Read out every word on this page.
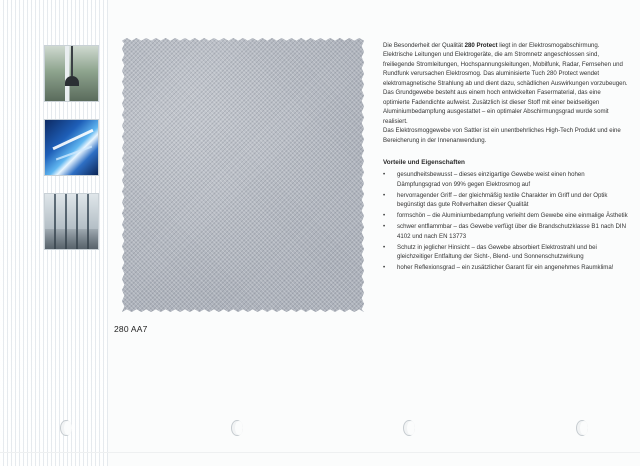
280 AA7

Die Besonderheit der Qualität 280 Protect liegt in der Elektrosmogabschirmung. Elektrische Leitungen und Elektrogeräte, die am Stromnetz angeschlossen sind, freiliegende Stromleitungen, Hochspannungsleitungen, Mobilfunk, Radar, Fernsehen und Rundfunk verursachen Elektrosmog. Das aluminisierte Tuch 280 Protect wendet elektromagnetische Strahlung ab und dient dazu, schädlichen Auswirkungen vorzubeugen.

Das Grundgewebe besteht aus einem hoch entwickelten Fasermaterial, das eine optimierte Fadendichte aufweist. Zusätzlich ist dieser Stoff mit einer beidseitigen Aluminiumbedampfung ausgestattet – ein optimaler Abschirmungsgrad wurde somit realisiert.

Das Elektrosmoggewebe von Sattler ist ein unentbehrliches High-Tech Produkt und eine Bereicherung in der Innenanwendung.

Vorteile und Eigenschaften
•	gesundheitsbewusst – dieses einzigartige Gewebe weist einen hohen Dämpfungsgrad von 99% gegen Elektrosmog auf
•	hervorragender Griff – der gleichmäßig textile Charakter im Griff und der Optik begünstigt das gute Rollverhalten dieser Qualität
•	formschön – die Aluminiumbedampfung verleiht dem Gewebe eine einmalige Ästhetik
•	schwer entflammbar – das Gewebe verfügt über die Brandschutzklasse B1 nach DIN 4102 und nach EN 13773
•	Schutz in jeglicher Hinsicht – das Gewebe absorbiert Elektrostrahl und bei gleichzeitiger Entfaltung der Sicht-, Blend- und Sonnenschutzwirkung
•	hoher Reflexionsgrad – ein zusätzlicher Garant für ein angenehmes Raumklima!
